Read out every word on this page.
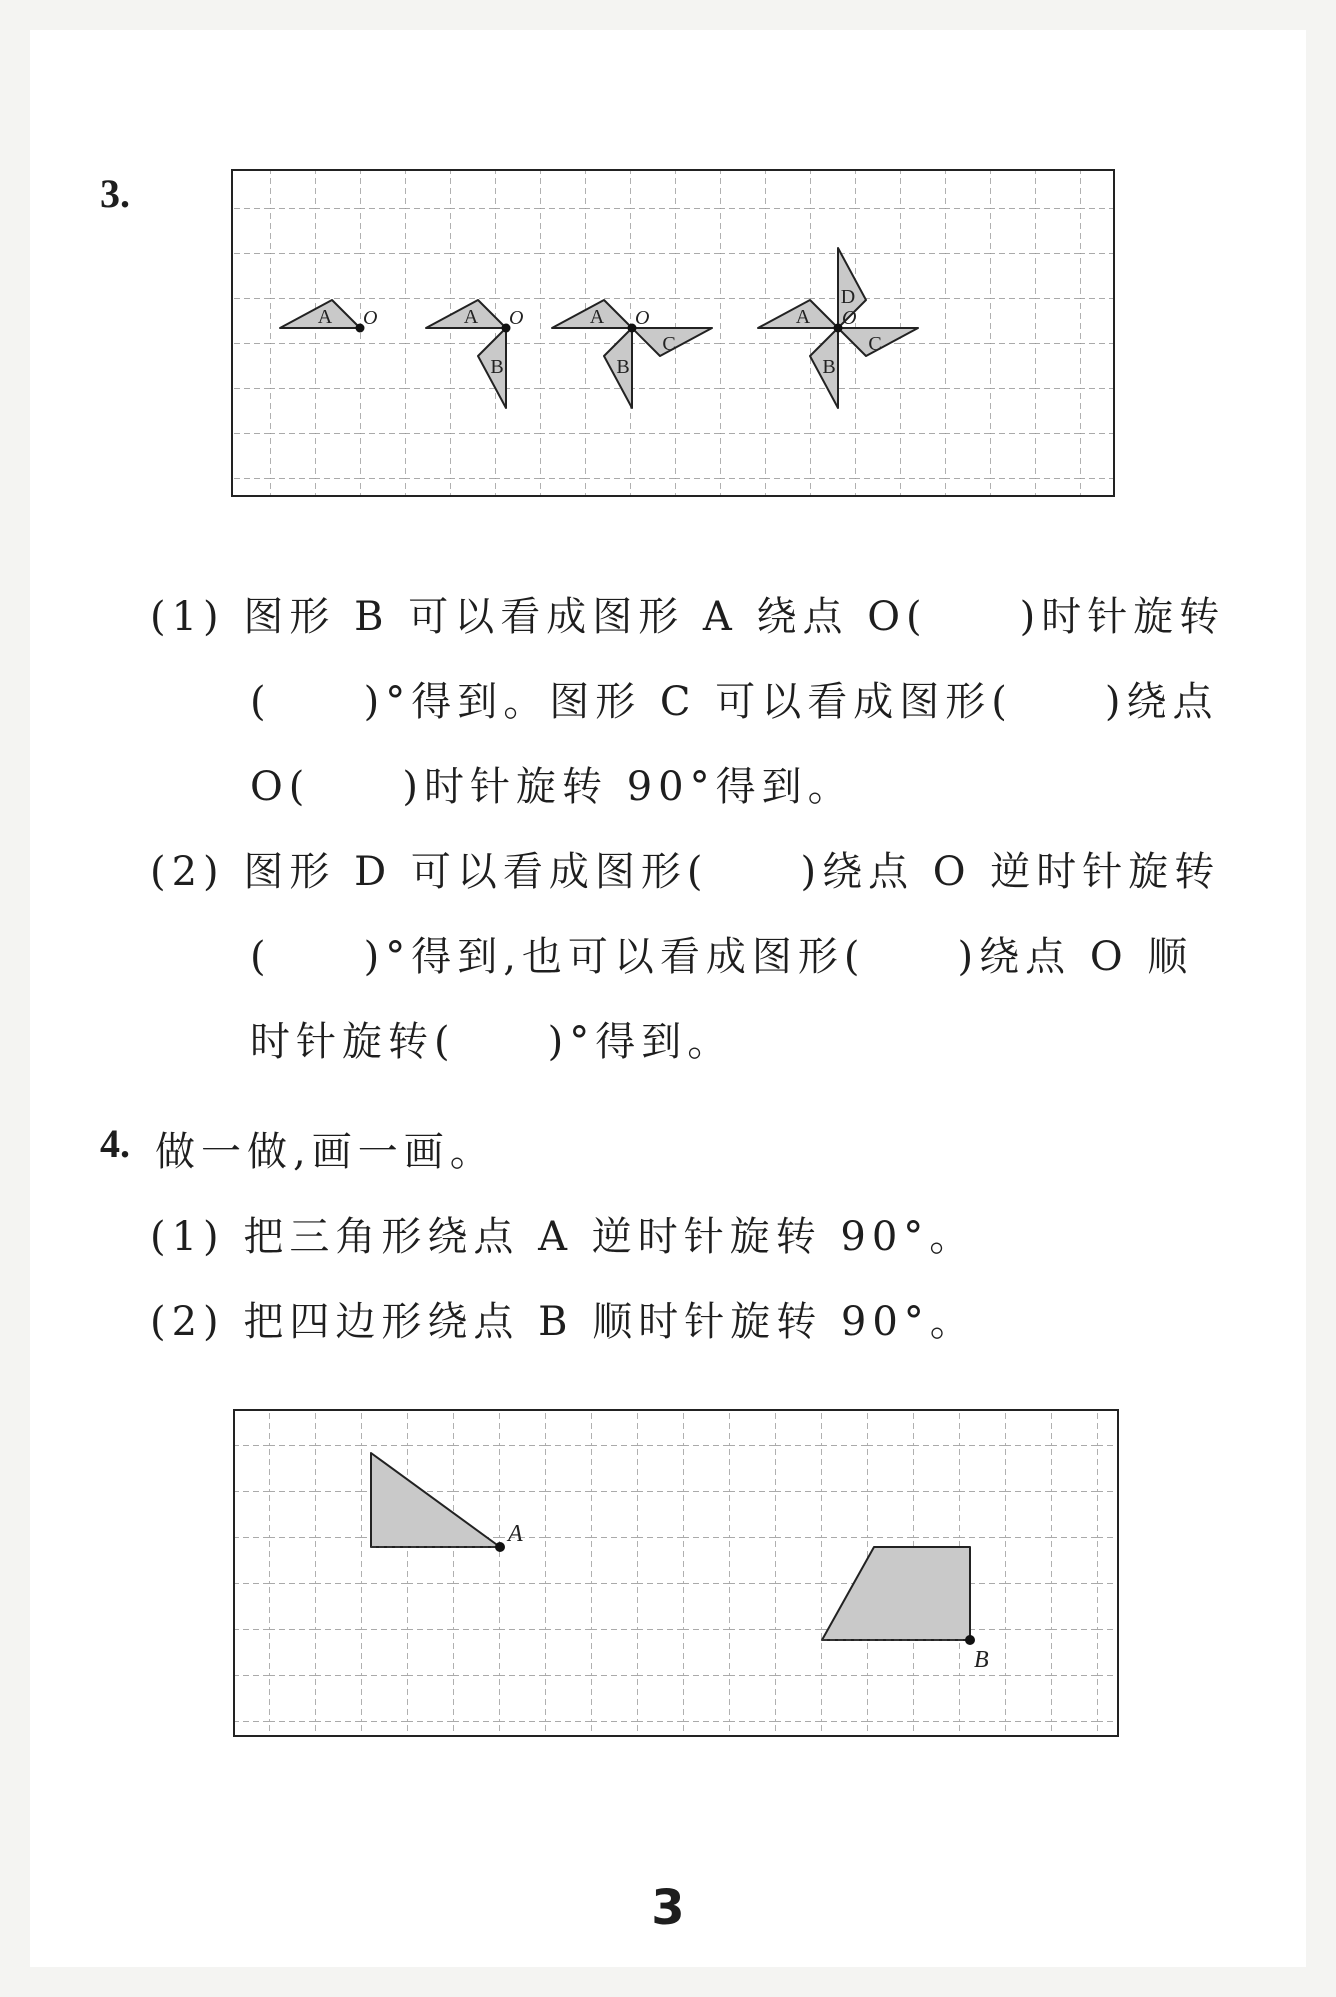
3.
A O	A O
B
A O
B
C
A O
B
C
D
(1) 图形 B 可以看成图形 A 绕点 O(　　)时针旋转
(　　)°得到。图形 C 可以看成图形(　　)绕点
O(　　)时针旋转 90°得到。
(2) 图形 D 可以看成图形(　　)绕点 O 逆时针旋转
(　　)°得到,也可以看成图形(　　)绕点 O 顺
时针旋转(　　)°得到。
4. 做一做,画一画。
(1) 把三角形绕点 A 逆时针旋转 90°。
(2) 把四边形绕点 B 顺时针旋转 90°。
A
B
3
